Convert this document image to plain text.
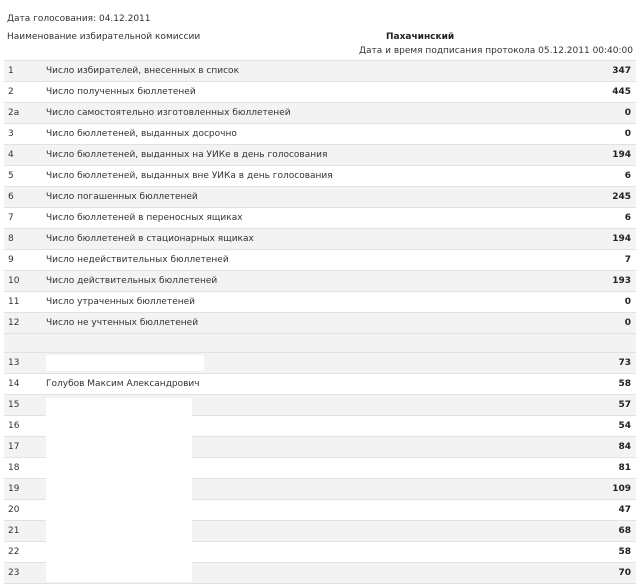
Дата голосования: 04.12.2011
Наименование избирательной комиссии	Пахачинский
Дата и время подписания протокола 05.12.2011 00:40:00
1	Число избирателей, внесенных в список	347
2	Число полученных бюллетеней	445
2а	Число самостоятельно изготовленных бюллетеней	0
3	Число бюллетеней, выданных досрочно	0
4	Число бюллетеней, выданных на УИКе в день голосования	194
5	Число бюллетеней, выданных вне УИКа в день голосования	6
6	Число погашенных бюллетеней	245
7	Число бюллетеней в переносных ящиках	6
8	Число бюллетеней в стационарных ящиках	194
9	Число недействительных бюллетеней	7
10	Число действительных бюллетеней	193
11	Число утраченных бюллетеней	0
12	Число не учтенных бюллетеней	0

13		73
14	Голубов Максим Александрович	58
15		57
16		54
17		84
18		81
19		109
20		47
21		68
22		58
23		70
